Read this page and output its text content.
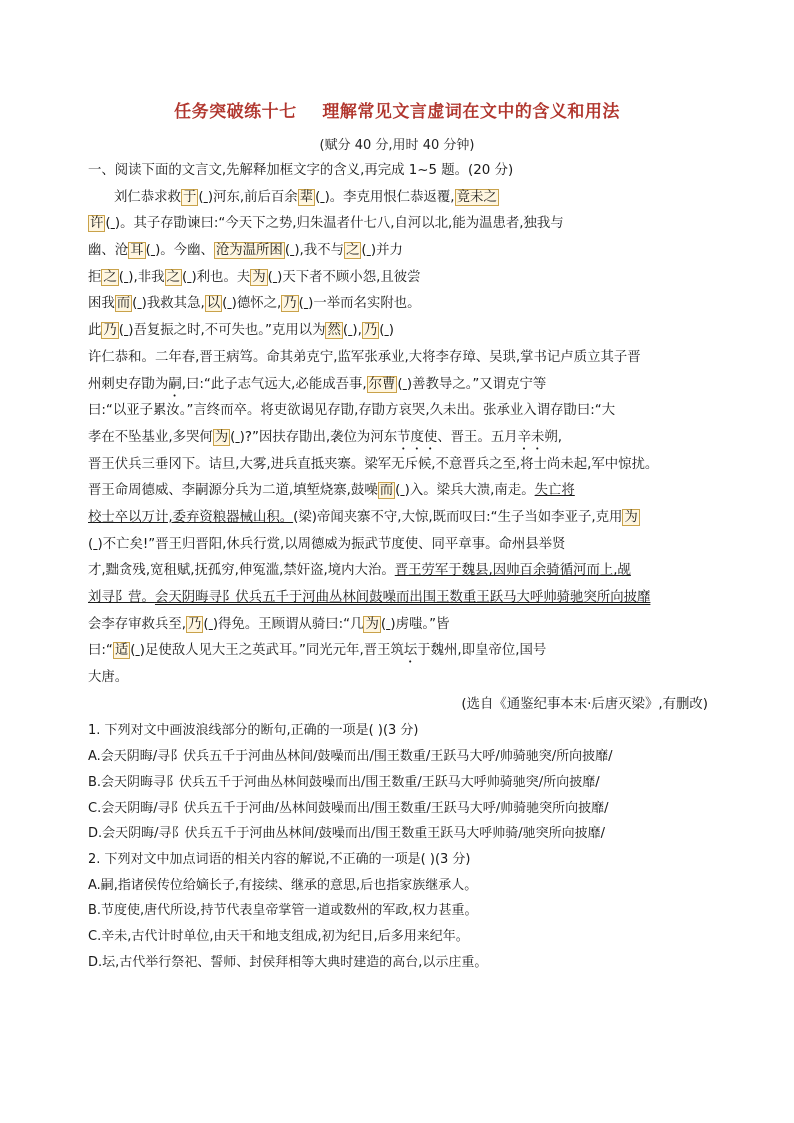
任务突破练十七    理解常见文言虚词在文中的含义和用法
(赋分 40 分,用时 40 分钟)
一、阅读下面的文言文,先解释加框文字的含义,再完成 1~5 题。(20 分)
刘仁恭求救 于 ( )河东,前后百余 辈 ( )。李克用恨仁恭返覆, 竟未之
许 ( )。其子存勖谏曰:“今天下之势,归朱温者什七八,自河以北,能为温患者,独我与
幽、沧 耳 ( )。今幽、 沧为温所困 ( ),我不与 之 ( )并力
拒 之 ( ),非我 之 ( )利也。夫 为 ( )天下者不顾小怨,且彼尝
困我 而 ( )我救其急, 以 ( )德怀之, 乃 ( )一举而名实附也。
此 乃 ( )吾复振之时,不可失也。”克用以为 然 ( ), 乃 ( )
许仁恭和。二年春,晋王病笃。命其弟克宁,监军张承业,大将李存璋、吴珙,掌书记卢质立其子晋
州刺史存勖为嗣,曰:“此子志气远大,必能成吾事, 尔曹 ( )善教导之。”又谓克宁等
曰:“以亚子累汝。”言终而卒。将吏欲谒见存勖,存勖方哀哭,久未出。张承业入谓存勖曰:“大
孝在不坠基业,多哭何 为 ( )?”因扶存勖出,袭位为河东节度使、晋王。五月辛未朔,
晋王伏兵三垂冈下。诘旦,大雾,进兵直抵夹寨。梁军无斥候,不意晋兵之至,将士尚未起,军中惊扰。
晋王命周德威、李嗣源分兵为二道,填堑烧寨,鼓噪 而 ( )入。梁兵大溃,南走。失亡将
校士卒以万计,委弃资粮器械山积。(梁)帝闻夹寨不守,大惊,既而叹曰:“生子当如李亚子,克用 为
( )不亡矣!”晋王归晋阳,休兵行赏,以周德威为振武节度使、同平章事。命州县举贤
才,黜贪残,宽租赋,抚孤穷,伸冤滥,禁奸盗,境内大治。晋王劳军于魏县,因帅百余骑循河而上,觇
刘寻阝营。会天阴晦寻阝伏兵五千于河曲丛林间鼓噪而出围王数重王跃马大呼帅骑驰突所向披靡
会李存审救兵至, 乃 ( )得免。王顾谓从骑曰:“几 为 ( )虏嗤。”皆
曰:“ 适 ( )足使敌人见大王之英武耳。”同光元年,晋王筑坛于魏州,即皇帝位,国号
大唐。
(选自《通鉴纪事本末·后唐灭梁》,有删改)
1. 下列对文中画波浪线部分的断句,正确的一项是( )(3 分)
A.会天阴晦/寻阝伏兵五千于河曲丛林间/鼓噪而出/围王数重/王跃马大呼/帅骑驰突/所向披靡/
B.会天阴晦寻阝伏兵五千于河曲丛林间鼓噪而出/围王数重/王跃马大呼帅骑驰突/所向披靡/
C.会天阴晦/寻阝伏兵五千于河曲/丛林间鼓噪而出/围王数重/王跃马大呼/帅骑驰突所向披靡/
D.会天阴晦/寻阝伏兵五千于河曲丛林间/鼓噪而出/围王数重王跃马大呼帅骑/驰突所向披靡/
2. 下列对文中加点词语的相关内容的解说,不正确的一项是( )(3 分)
A.嗣,指诸侯传位给嫡长子,有接续、继承的意思,后也指家族继承人。
B.节度使,唐代所设,持节代表皇帝掌管一道或数州的军政,权力甚重。
C.辛未,古代计时单位,由天干和地支组成,初为纪日,后多用来纪年。
D.坛,古代举行祭祀、誓师、封侯拜相等大典时建造的高台,以示庄重。
